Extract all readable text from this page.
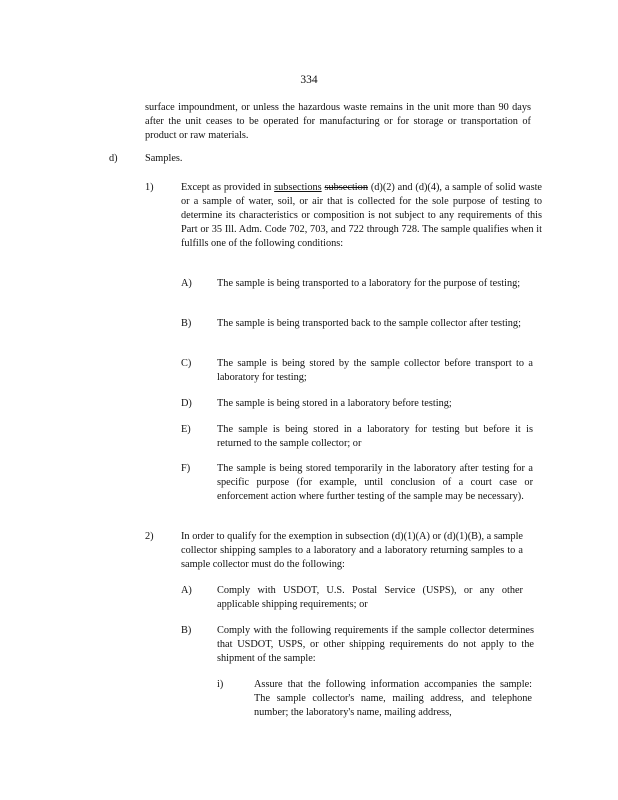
334
surface impoundment, or unless the hazardous waste remains in the unit more than 90 days after the unit ceases to be operated for manufacturing or for storage or transportation of product or raw materials.
d)	Samples.
1)	Except as provided in subsections subsection (d)(2) and (d)(4), a sample of solid waste or a sample of water, soil, or air that is collected for the sole purpose of testing to determine its characteristics or composition is not subject to any requirements of this Part or 35 Ill. Adm. Code 702, 703, and 722 through 728. The sample qualifies when it fulfills one of the following conditions:
A) The sample is being transported to a laboratory for the purpose of testing;
B) The sample is being transported back to the sample collector after testing;
C) The sample is being stored by the sample collector before transport to a laboratory for testing;
D) The sample is being stored in a laboratory before testing;
E)	The sample is being stored in a laboratory for testing but before it is returned to the sample collector; or
F)	The sample is being stored temporarily in the laboratory after testing for a specific purpose (for example, until conclusion of a court case or enforcement action where further testing of the sample may be necessary).
2)	In order to qualify for the exemption in subsection (d)(1)(A) or (d)(1)(B), a sample collector shipping samples to a laboratory and a laboratory returning samples to a sample collector must do the following:
A) Comply with USDOT, U.S. Postal Service (USPS), or any other applicable shipping requirements; or
B) Comply with the following requirements if the sample collector determines that USDOT, USPS, or other shipping requirements do not apply to the shipment of the sample:
i)	Assure that the following information accompanies the sample: The sample collector's name, mailing address, and telephone number; the laboratory's name, mailing address,
